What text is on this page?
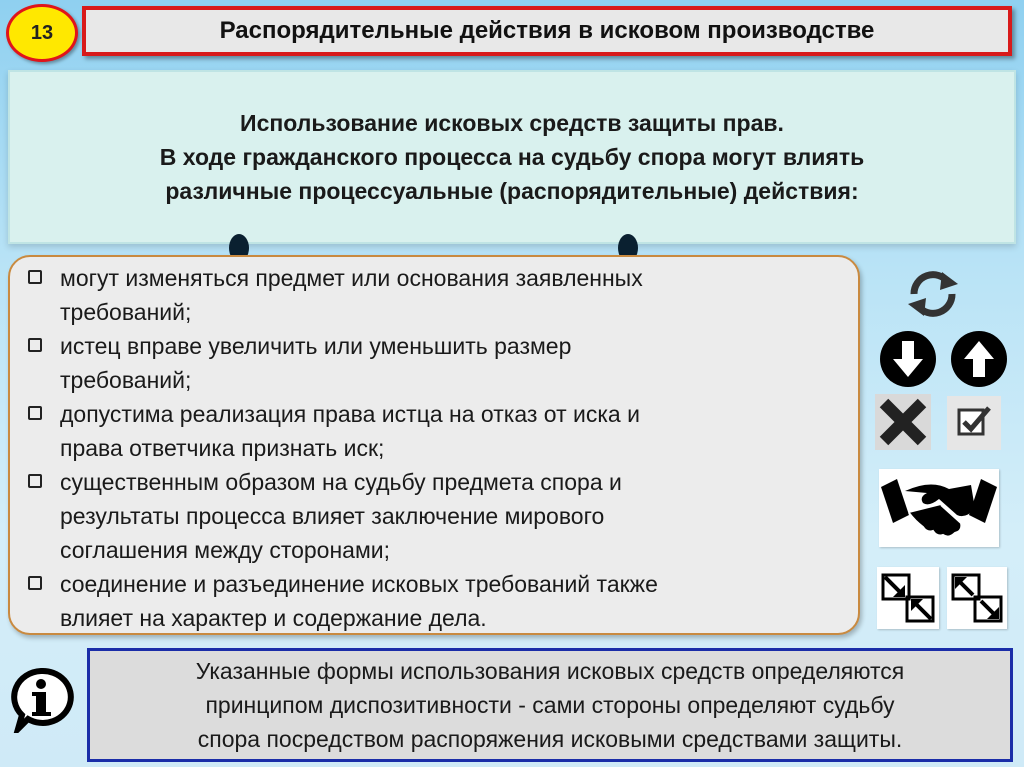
13	Распорядительные действия в исковом производстве
Использование исковых средств защиты прав.
В ходе гражданского процесса на судьбу спора могут влиять
различные процессуальные (распорядительные) действия:
могут изменяться предмет или основания заявленных
требований;
истец вправе увеличить или уменьшить размер
требований;
допустима реализация права истца на отказ от иска и
права ответчика признать иск;
существенным образом на судьбу предмета спора и
результаты процесса влияет заключение мирового
соглашения между сторонами;
соединение и разъединение исковых требований также
влияет на характер и содержание дела.
Указанные формы использования исковых средств определяются
принципом диспозитивности - сами стороны определяют судьбу
спора посредством распоряжения исковыми средствами защиты.
